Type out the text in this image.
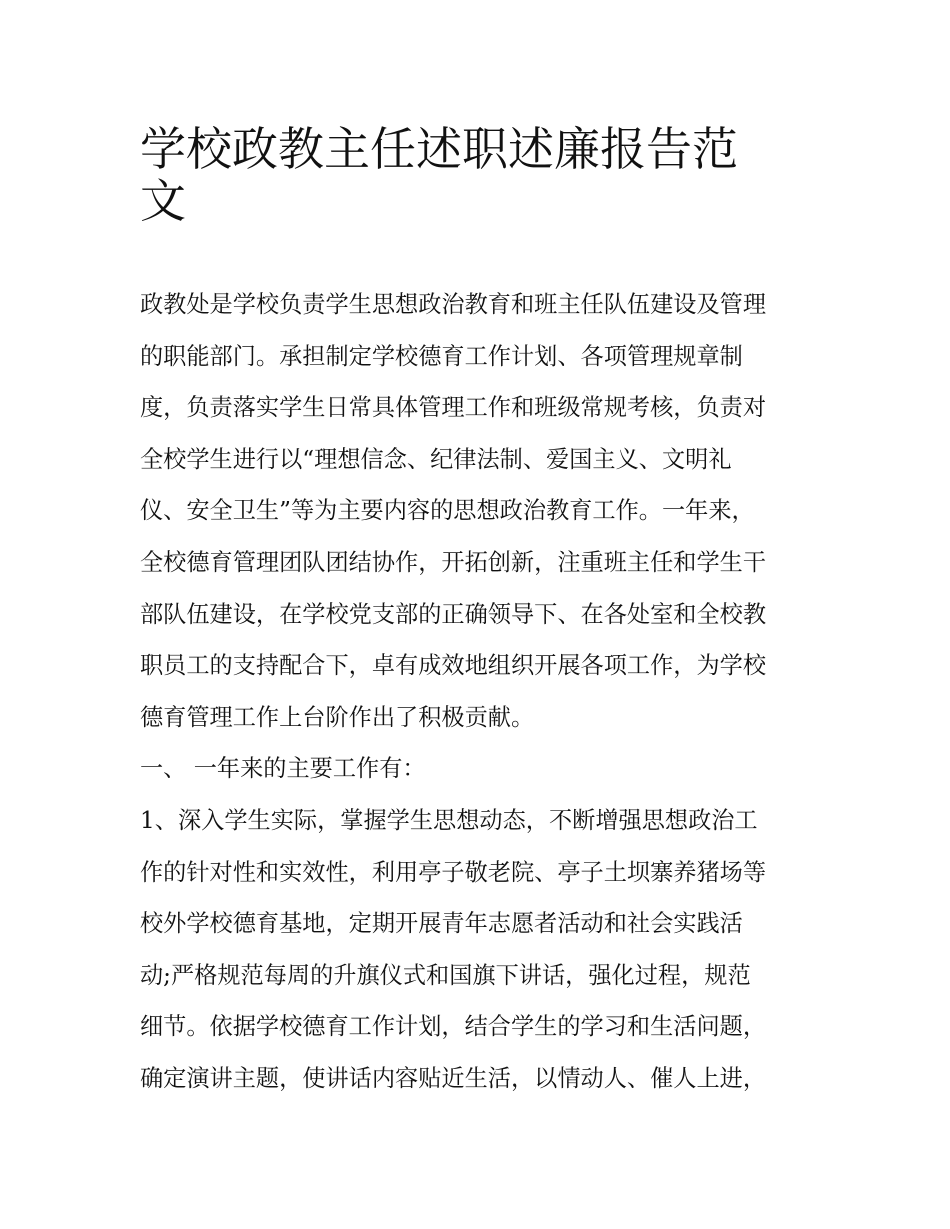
学校政教主任述职述廉报告范
文
政教处是学校负责学生思想政治教育和班主任队伍建设及管理
的职能部门。承担制定学校德育工作计划、各项管理规章制
度，负责落实学生日常具体管理工作和班级常规考核，负责对
全校学生进行以“理想信念、纪律法制、爱国主义、文明礼
仪、安全卫生”等为主要内容的思想政治教育工作。一年来，
全校德育管理团队团结协作，开拓创新，注重班主任和学生干
部队伍建设，在学校党支部的正确领导下、在各处室和全校教
职员工的支持配合下，卓有成效地组织开展各项工作，为学校
德育管理工作上台阶作出了积极贡献。
一、 一年来的主要工作有：
1、深入学生实际，掌握学生思想动态，不断增强思想政治工
作的针对性和实效性，利用亭子敬老院、亭子土坝寨养猪场等
校外学校德育基地，定期开展青年志愿者活动和社会实践活
动;严格规范每周的升旗仪式和国旗下讲话，强化过程，规范
细节。依据学校德育工作计划，结合学生的学习和生活问题，
确定演讲主题，使讲话内容贴近生活，以情动人、催人上进，
